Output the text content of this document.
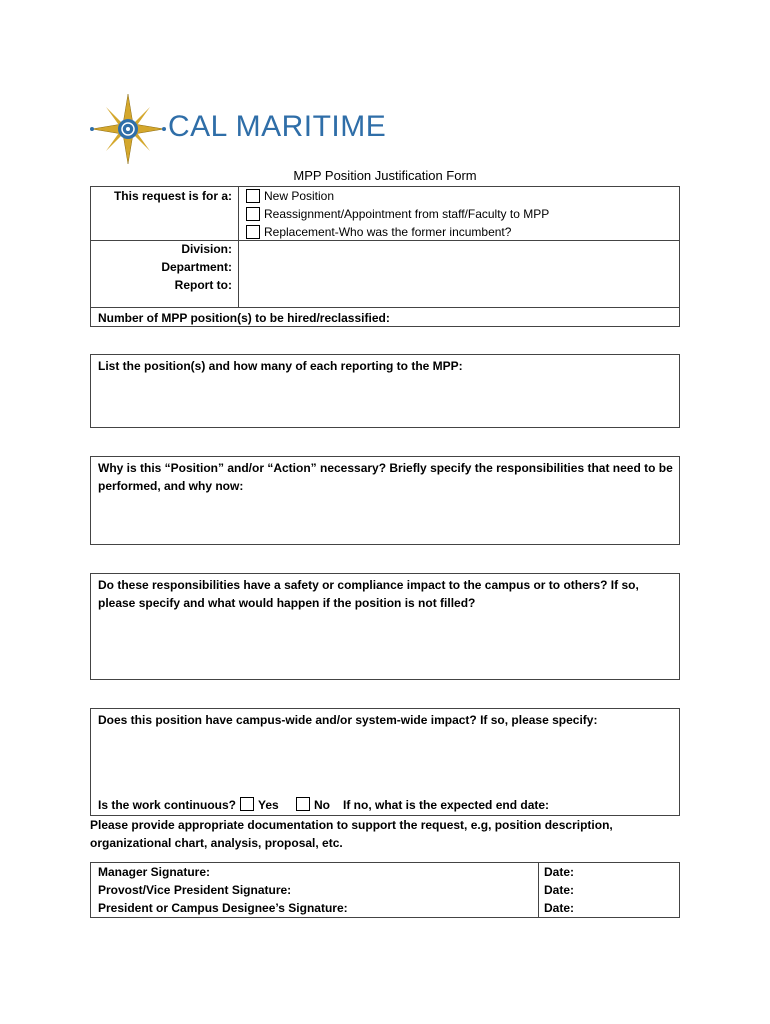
CAL MARITIME
MPP Position Justification Form
This request is for a:	New Position
Reassignment/Appointment from staff/Faculty to MPP
Replacement-Who was the former incumbent?
Division:
Department:
Report to:
Number of MPP position(s) to be hired/reclassified:
List the position(s) and how many of each reporting to the MPP:
Why is this “Position” and/or “Action” necessary? Briefly specify the responsibilities that need to be performed, and why now:
Do these responsibilities have a safety or compliance impact to the campus or to others? If so, please specify and what would happen if the position is not filled?
Does this position have campus-wide and/or system-wide impact? If so, please specify:
Is the work continuous? Yes	No If no, what is the expected end date:
Please provide appropriate documentation to support the request, e.g, position description, organizational chart, analysis, proposal, etc.
Manager Signature:
Provost/Vice President Signature:
President or Campus Designee’s Signature:
Date:
Date:
Date:
